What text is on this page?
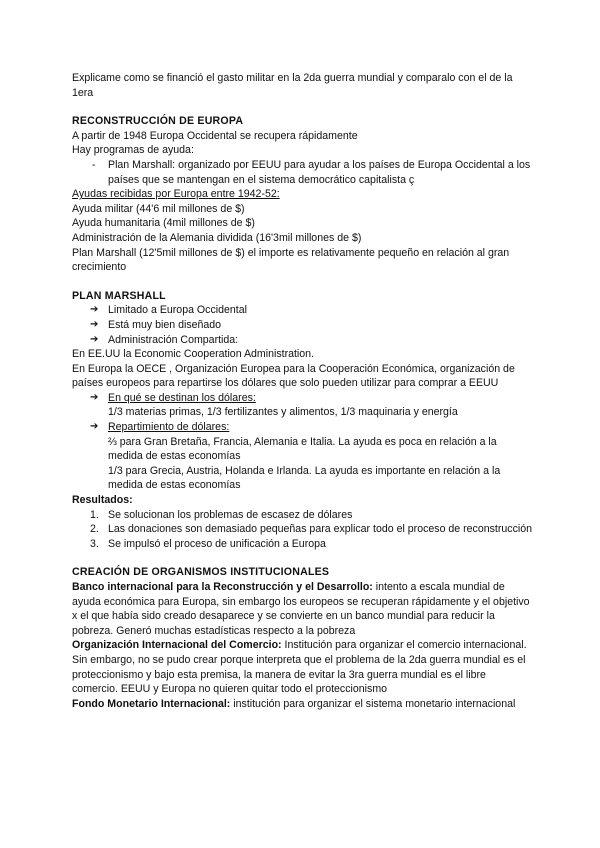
Explicame como se financió el gasto militar en la 2da guerra mundial y comparalo con el de la 1era

RECONSTRUCCIÓN DE EUROPA

A partir de 1948 Europa Occidental se recupera rápidamente

Hay programas de ayuda:

- Plan Marshall: organizado por EEUU para ayudar a los países de Europa Occidental a los países que se mantengan en el sistema democrático capitalista ç

Ayudas recibidas por Europa entre 1942-52:

Ayuda militar (44'6 mil millones de $)

Ayuda humanitaria (4mil millones de $)

Administración de la Alemania dividida (16'3mil millones de $)

Plan Marshall (12'5mil millones de $) el importe es relativamente pequeño en relación al gran crecimiento

PLAN MARSHALL

➔ Limitado a Europa Occidental

➔ Está muy bien diseñado

➔ Administración Compartida:

En EE.UU la Economic Cooperation Administration.

En Europa la OECE , Organización Europea para la Cooperación Económica, organización de países europeos para repartirse los dólares que solo pueden utilizar para comprar a EEUU

➔ En qué se destinan los dólares:

1/3 materias primas, 1/3 fertilizantes y alimentos, 1/3 maquinaria y energía

➔ Repartimiento de dólares:

⅔ para Gran Bretaña, Francia, Alemania e Italia. La ayuda es poca en relación a la medida de estas economías

1/3 para Grecia, Austria, Holanda e Irlanda. La ayuda es importante en relación a la medida de estas economías

Resultados:

1. Se solucionan los problemas de escasez de dólares

2. Las donaciones son demasiado pequeñas para explicar todo el proceso de reconstrucción

3. Se impulsó el proceso de unificación a Europa

CREACIÓN DE ORGANISMOS INSTITUCIONALES

Banco internacional para la Reconstrucción y el Desarrollo: intento a escala mundial de ayuda económica para Europa, sin embargo los europeos se recuperan rápidamente y el objetivo x el que había sido creado desaparece y se convierte en un banco mundial para reducir la pobreza. Generó muchas estadísticas respecto a la pobreza

Organización Internacional del Comercio: Institución para organizar el comercio internacional. Sin embargo, no se pudo crear porque interpreta que el problema de la 2da guerra mundial es el proteccionismo y bajo esta premisa, la manera de evitar la 3ra guerra mundial es el libre comercio. EEUU y Europa no quieren quitar todo el proteccionismo

Fondo Monetario Internacional: institución para organizar el sistema monetario internacional
